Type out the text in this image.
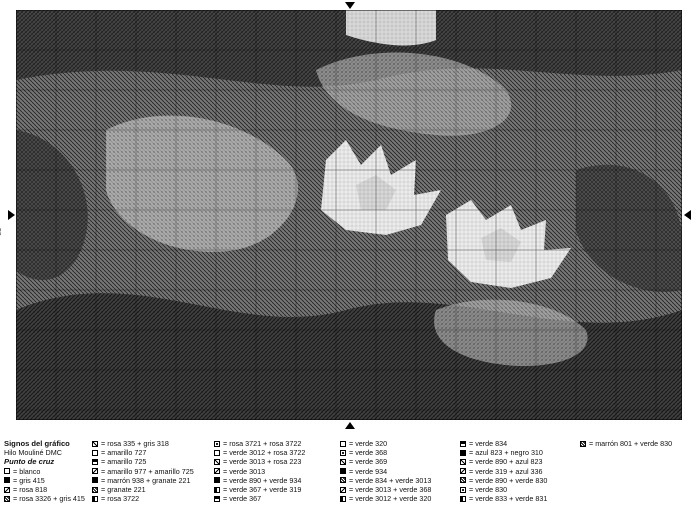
Signos del gráfico
Hilo Mouliné DMC
Punto de cruz
= blanco
= gris 415
= rosa 818
= rosa 3326 + gris 415
= rosa 335 + gris 318
= amarillo 727
= amarillo 725
= amarillo 977 + amarillo 725
= marrón 938 + granate 221
= granate 221
= rosa 3722
= rosa 3721 + rosa 3722
= verde 3012 + rosa 3722
= verde 3013 + rosa 223
= verde 3013
= verde 890 + verde 934
= verde 367 + verde 319
= verde 367
= verde 320
= verde 368
= verde 369
= verde 934
= verde 834 + verde 3013
= verde 3013 + verde 368
= verde 3012 + verde 320
= verde 834
= azul 823 + negro 310
= verde 890 + azul 823
= verde 319 + azul 336
= verde 890 + verde 830
= verde 830
= verde 833 + verde 831
= marrón 801 + verde 830
